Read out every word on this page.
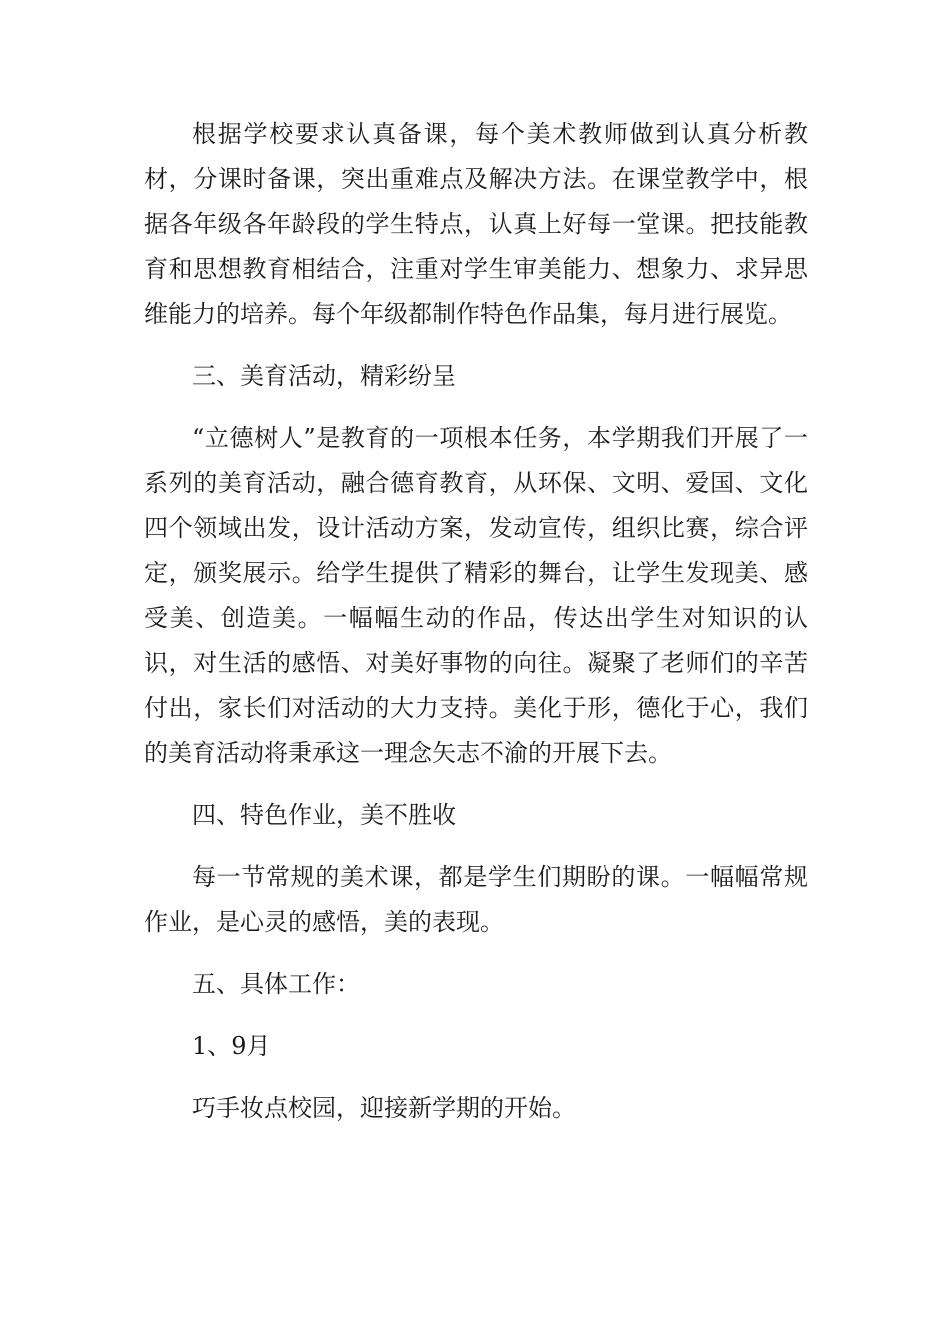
根据学校要求认真备课，每个美术教师做到认真分析教材，分课时备课，突出重难点及解决方法。在课堂教学中，根据各年级各年龄段的学生特点，认真上好每一堂课。把技能教育和思想教育相结合，注重对学生审美能力、想象力、求异思维能力的培养。每个年级都制作特色作品集，每月进行展览。

三、美育活动，精彩纷呈

“立德树人”是教育的一项根本任务，本学期我们开展了一系列的美育活动，融合德育教育，从环保、文明、爱国、文化四个领域出发，设计活动方案，发动宣传，组织比赛，综合评定，颁奖展示。给学生提供了精彩的舞台，让学生发现美、感受美、创造美。一幅幅生动的作品，传达出学生对知识的认识，对生活的感悟、对美好事物的向往。凝聚了老师们的辛苦付出，家长们对活动的大力支持。美化于形，德化于心，我们的美育活动将秉承这一理念矢志不渝的开展下去。

四、特色作业，美不胜收

每一节常规的美术课，都是学生们期盼的课。一幅幅常规作业，是心灵的感悟，美的表现。

五、具体工作：

1、9月

巧手妆点校园，迎接新学期的开始。
